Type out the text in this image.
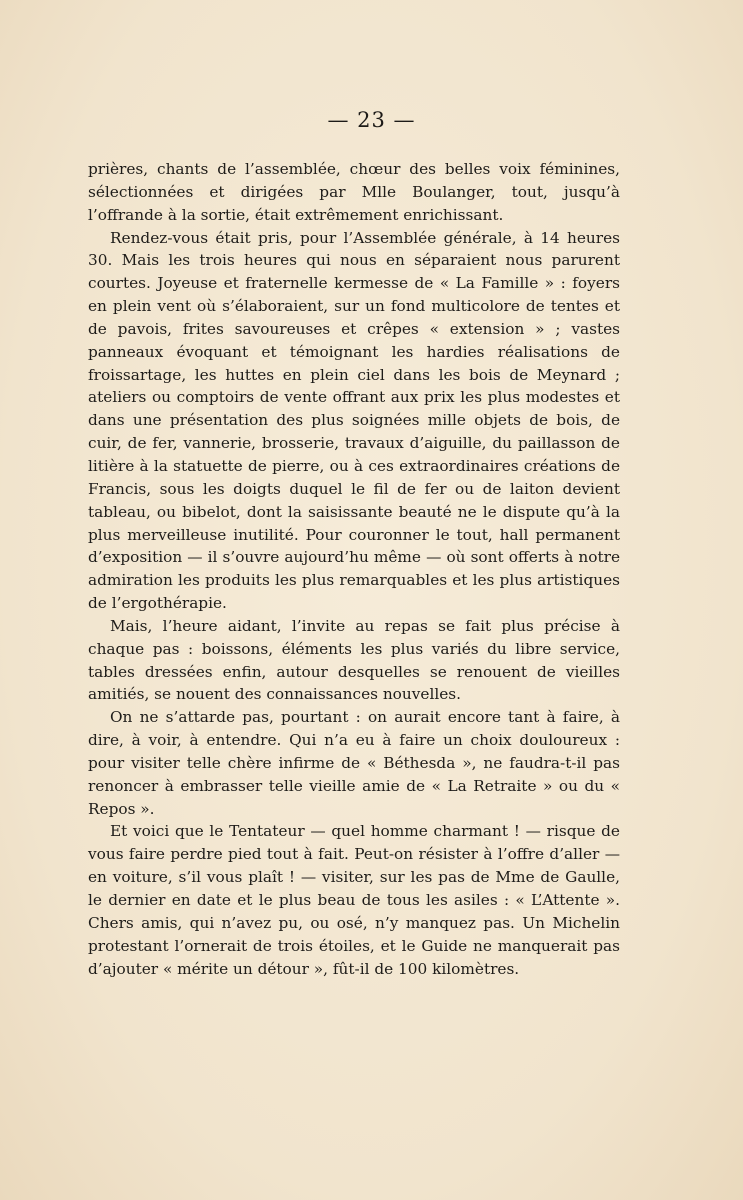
— 23 —

prières, chants de l’assemblée, chœur des belles voix féminines, sélectionnées et dirigées par Mlle Boulanger, tout, jusqu’à l’offrande à la sortie, était extrêmement enrichissant.

Rendez-vous était pris, pour l’Assemblée générale, à 14 heures 30. Mais les trois heures qui nous en séparaient nous parurent courtes. Joyeuse et fraternelle kermesse de « La Famille » : foyers en plein vent où s’élaboraient, sur un fond multicolore de tentes et de pavois, frites savoureuses et crêpes « extension » ; vastes panneaux évoquant et témoignant les hardies réalisations de froissartage, les huttes en plein ciel dans les bois de Meynard ; ateliers ou comptoirs de vente offrant aux prix les plus modestes et dans une présentation des plus soignées mille objets de bois, de cuir, de fer, vannerie, brosserie, travaux d’aiguille, du paillasson de litière à la statuette de pierre, ou à ces extraordinaires créations de Francis, sous les doigts duquel le fil de fer ou de laiton devient tableau, ou bibelot, dont la saisissante beauté ne le dispute qu’à la plus merveilleuse inutilité. Pour couronner le tout, hall permanent d’exposition — il s’ouvre aujourd’hu même — où sont offerts à notre admiration les produits les plus remarquables et les plus artistiques de l’ergothérapie.

Mais, l’heure aidant, l’invite au repas se fait plus précise à chaque pas : boissons, éléments les plus variés du libre service, tables dressées enfin, autour desquelles se renouent de vieilles amitiés, se nouent des connaissances nouvelles.

On ne s’attarde pas, pourtant : on aurait encore tant à faire, à dire, à voir, à entendre. Qui n’a eu à faire un choix douloureux : pour visiter telle chère infirme de « Béthesda », ne faudra-t-il pas renoncer à embrasser telle vieille amie de « La Retraite » ou du « Repos ».

Et voici que le Tentateur — quel homme charmant ! — risque de vous faire perdre pied tout à fait. Peut-on résister à l’offre d’aller — en voiture, s’il vous plaît ! — visiter, sur les pas de Mme de Gaulle, le dernier en date et le plus beau de tous les asiles : « L’Attente ». Chers amis, qui n’avez pu, ou osé, n’y manquez pas. Un Michelin protestant l’ornerait de trois étoiles, et le Guide ne manquerait pas d’ajouter « mérite un détour », fût-il de 100 kilomètres.
